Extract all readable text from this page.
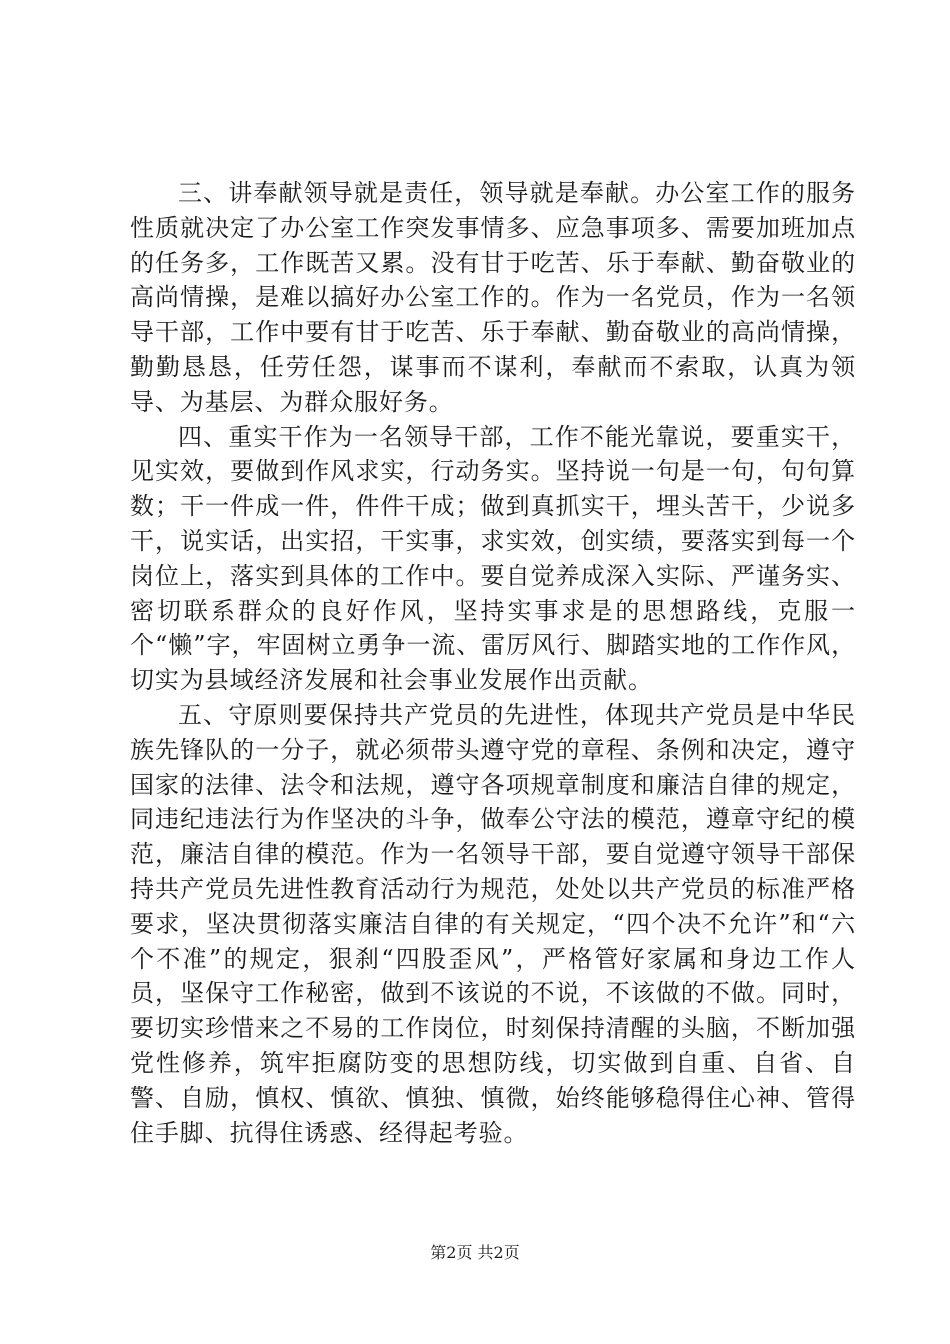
三、讲奉献领导就是责任，领导就是奉献。办公室工作的服务性质就决定了办公室工作突发事情多、应急事项多、需要加班加点的任务多，工作既苦又累。没有甘于吃苦、乐于奉献、勤奋敬业的高尚情操，是难以搞好办公室工作的。作为一名党员，作为一名领导干部，工作中要有甘于吃苦、乐于奉献、勤奋敬业的高尚情操，勤勤恳恳，任劳任怨，谋事而不谋利，奉献而不索取，认真为领导、为基层、为群众服好务。

四、重实干作为一名领导干部，工作不能光靠说，要重实干，见实效，要做到作风求实，行动务实。坚持说一句是一句，句句算数；干一件成一件，件件干成；做到真抓实干，埋头苦干，少说多干，说实话，出实招，干实事，求实效，创实绩，要落实到每一个岗位上，落实到具体的工作中。要自觉养成深入实际、严谨务实、密切联系群众的良好作风，坚持实事求是的思想路线，克服一个“懒”字，牢固树立勇争一流、雷厉风行、脚踏实地的工作作风，切实为县域经济发展和社会事业发展作出贡献。

五、守原则要保持共产党员的先进性，体现共产党员是中华民族先锋队的一分子，就必须带头遵守党的章程、条例和决定，遵守国家的法律、法令和法规，遵守各项规章制度和廉洁自律的规定，同违纪违法行为作坚决的斗争，做奉公守法的模范，遵章守纪的模范，廉洁自律的模范。作为一名领导干部，要自觉遵守领导干部保持共产党员先进性教育活动行为规范，处处以共产党员的标准严格要求，坚决贯彻落实廉洁自律的有关规定，“四个决不允许”和“六个不准”的规定，狠刹“四股歪风”，严格管好家属和身边工作人员，坚保守工作秘密，做到不该说的不说，不该做的不做。同时，要切实珍惜来之不易的工作岗位，时刻保持清醒的头脑，不断加强党性修养，筑牢拒腐防变的思想防线，切实做到自重、自省、自警、自励，慎权、慎欲、慎独、慎微，始终能够稳得住心神、管得住手脚、抗得住诱惑、经得起考验。

第2页 共2页
